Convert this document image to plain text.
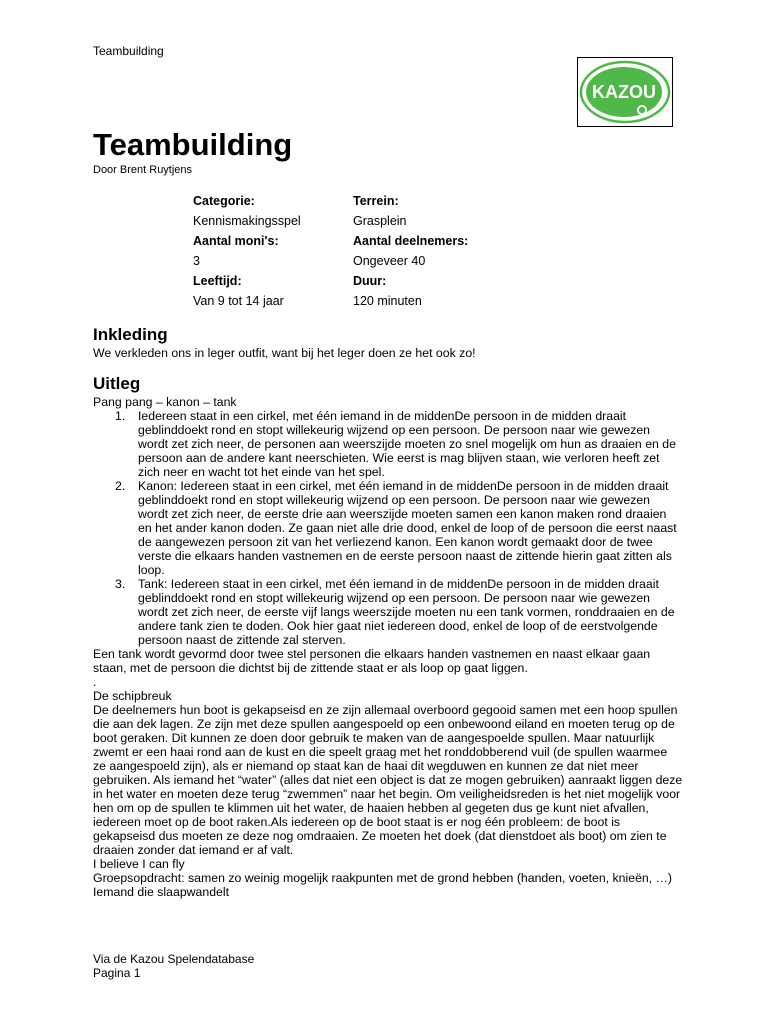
Teambuilding
KAZOU
Teambuilding
Door Brent Ruytjens
Categorie:	Terrein:
Kennismakingsspel	Grasplein
Aantal moni's:	Aantal deelnemers:
3	Ongeveer 40
Leeftijd:	Duur:
Van 9 tot 14 jaar	120 minuten
Inkleding
We verkleden ons in leger outfit, want bij het leger doen ze het ook zo!
Uitleg

Pang pang – kanon – tank

1. Iedereen staat in een cirkel, met één iemand in de middenDe persoon in de midden draait geblinddoekt rond en stopt willekeurig wijzend op een persoon. De persoon naar wie gewezen wordt zet zich neer, de personen aan weerszijde moeten zo snel mogelijk om hun as draaien en de persoon aan de andere kant neerschieten. Wie eerst is mag blijven staan, wie verloren heeft zet zich neer en wacht tot het einde van het spel.
2. Kanon: Iedereen staat in een cirkel, met één iemand in de middenDe persoon in de midden draait geblinddoekt rond en stopt willekeurig wijzend op een persoon. De persoon naar wie gewezen wordt zet zich neer, de eerste drie aan weerszijde moeten samen een kanon maken rond draaien en het ander kanon doden. Ze gaan niet alle drie dood, enkel de loop of de persoon die eerst naast de aangewezen persoon zit van het verliezend kanon. Een kanon wordt gemaakt door de twee verste die elkaars handen vastnemen en de eerste persoon naast de zittende hierin gaat zitten als loop.
3. Tank: Iedereen staat in een cirkel, met één iemand in de middenDe persoon in de midden draait geblinddoekt rond en stopt willekeurig wijzend op een persoon. De persoon naar wie gewezen wordt zet zich neer, de eerste vijf langs weerszijde moeten nu een tank vormen, ronddraaien en de andere tank zien te doden. Ook hier gaat niet iedereen dood, enkel de loop of de eerstvolgende persoon naast de zittende zal sterven.

Een tank wordt gevormd door twee stel personen die elkaars handen vastnemen en naast elkaar gaan staan, met de persoon die dichtst bij de zittende staat er als loop op gaat liggen.

.

De schipbreuk

De deelnemers hun boot is gekapseisd en ze zijn allemaal overboord gegooid samen met een hoop spullen die aan dek lagen. Ze zijn met deze spullen aangespoeld op een onbewoond eiland en moeten terug op de boot geraken. Dit kunnen ze doen door gebruik te maken van de aangespoelde spullen. Maar natuurlijk zwemt er een haai rond aan de kust en die speelt graag met het ronddobberend vuil (de spullen waarmee ze aangespoeld zijn), als er niemand op staat kan de haai dit wegduwen en kunnen ze dat niet meer gebruiken. Als iemand het “water” (alles dat niet een object is dat ze mogen gebruiken) aanraakt liggen deze in het water en moeten deze terug “zwemmen” naar het begin. Om veiligheidsreden is het niet mogelijk voor hen om op de spullen te klimmen uit het water, de haaien hebben al gegeten dus ge kunt niet afvallen, iedereen moet op de boot raken.Als iedereen op de boot staat is er nog één probleem: de boot is gekapseisd dus moeten ze deze nog omdraaien. Ze moeten het doek (dat dienstdoet als boot) om zien te draaien zonder dat iemand er af valt.

I believe I can fly

Groepsopdracht: samen zo weinig mogelijk raakpunten met de grond hebben (handen, voeten, knieën, …)

Iemand die slaapwandelt

Via de Kazou Spelendatabase
Pagina 1
